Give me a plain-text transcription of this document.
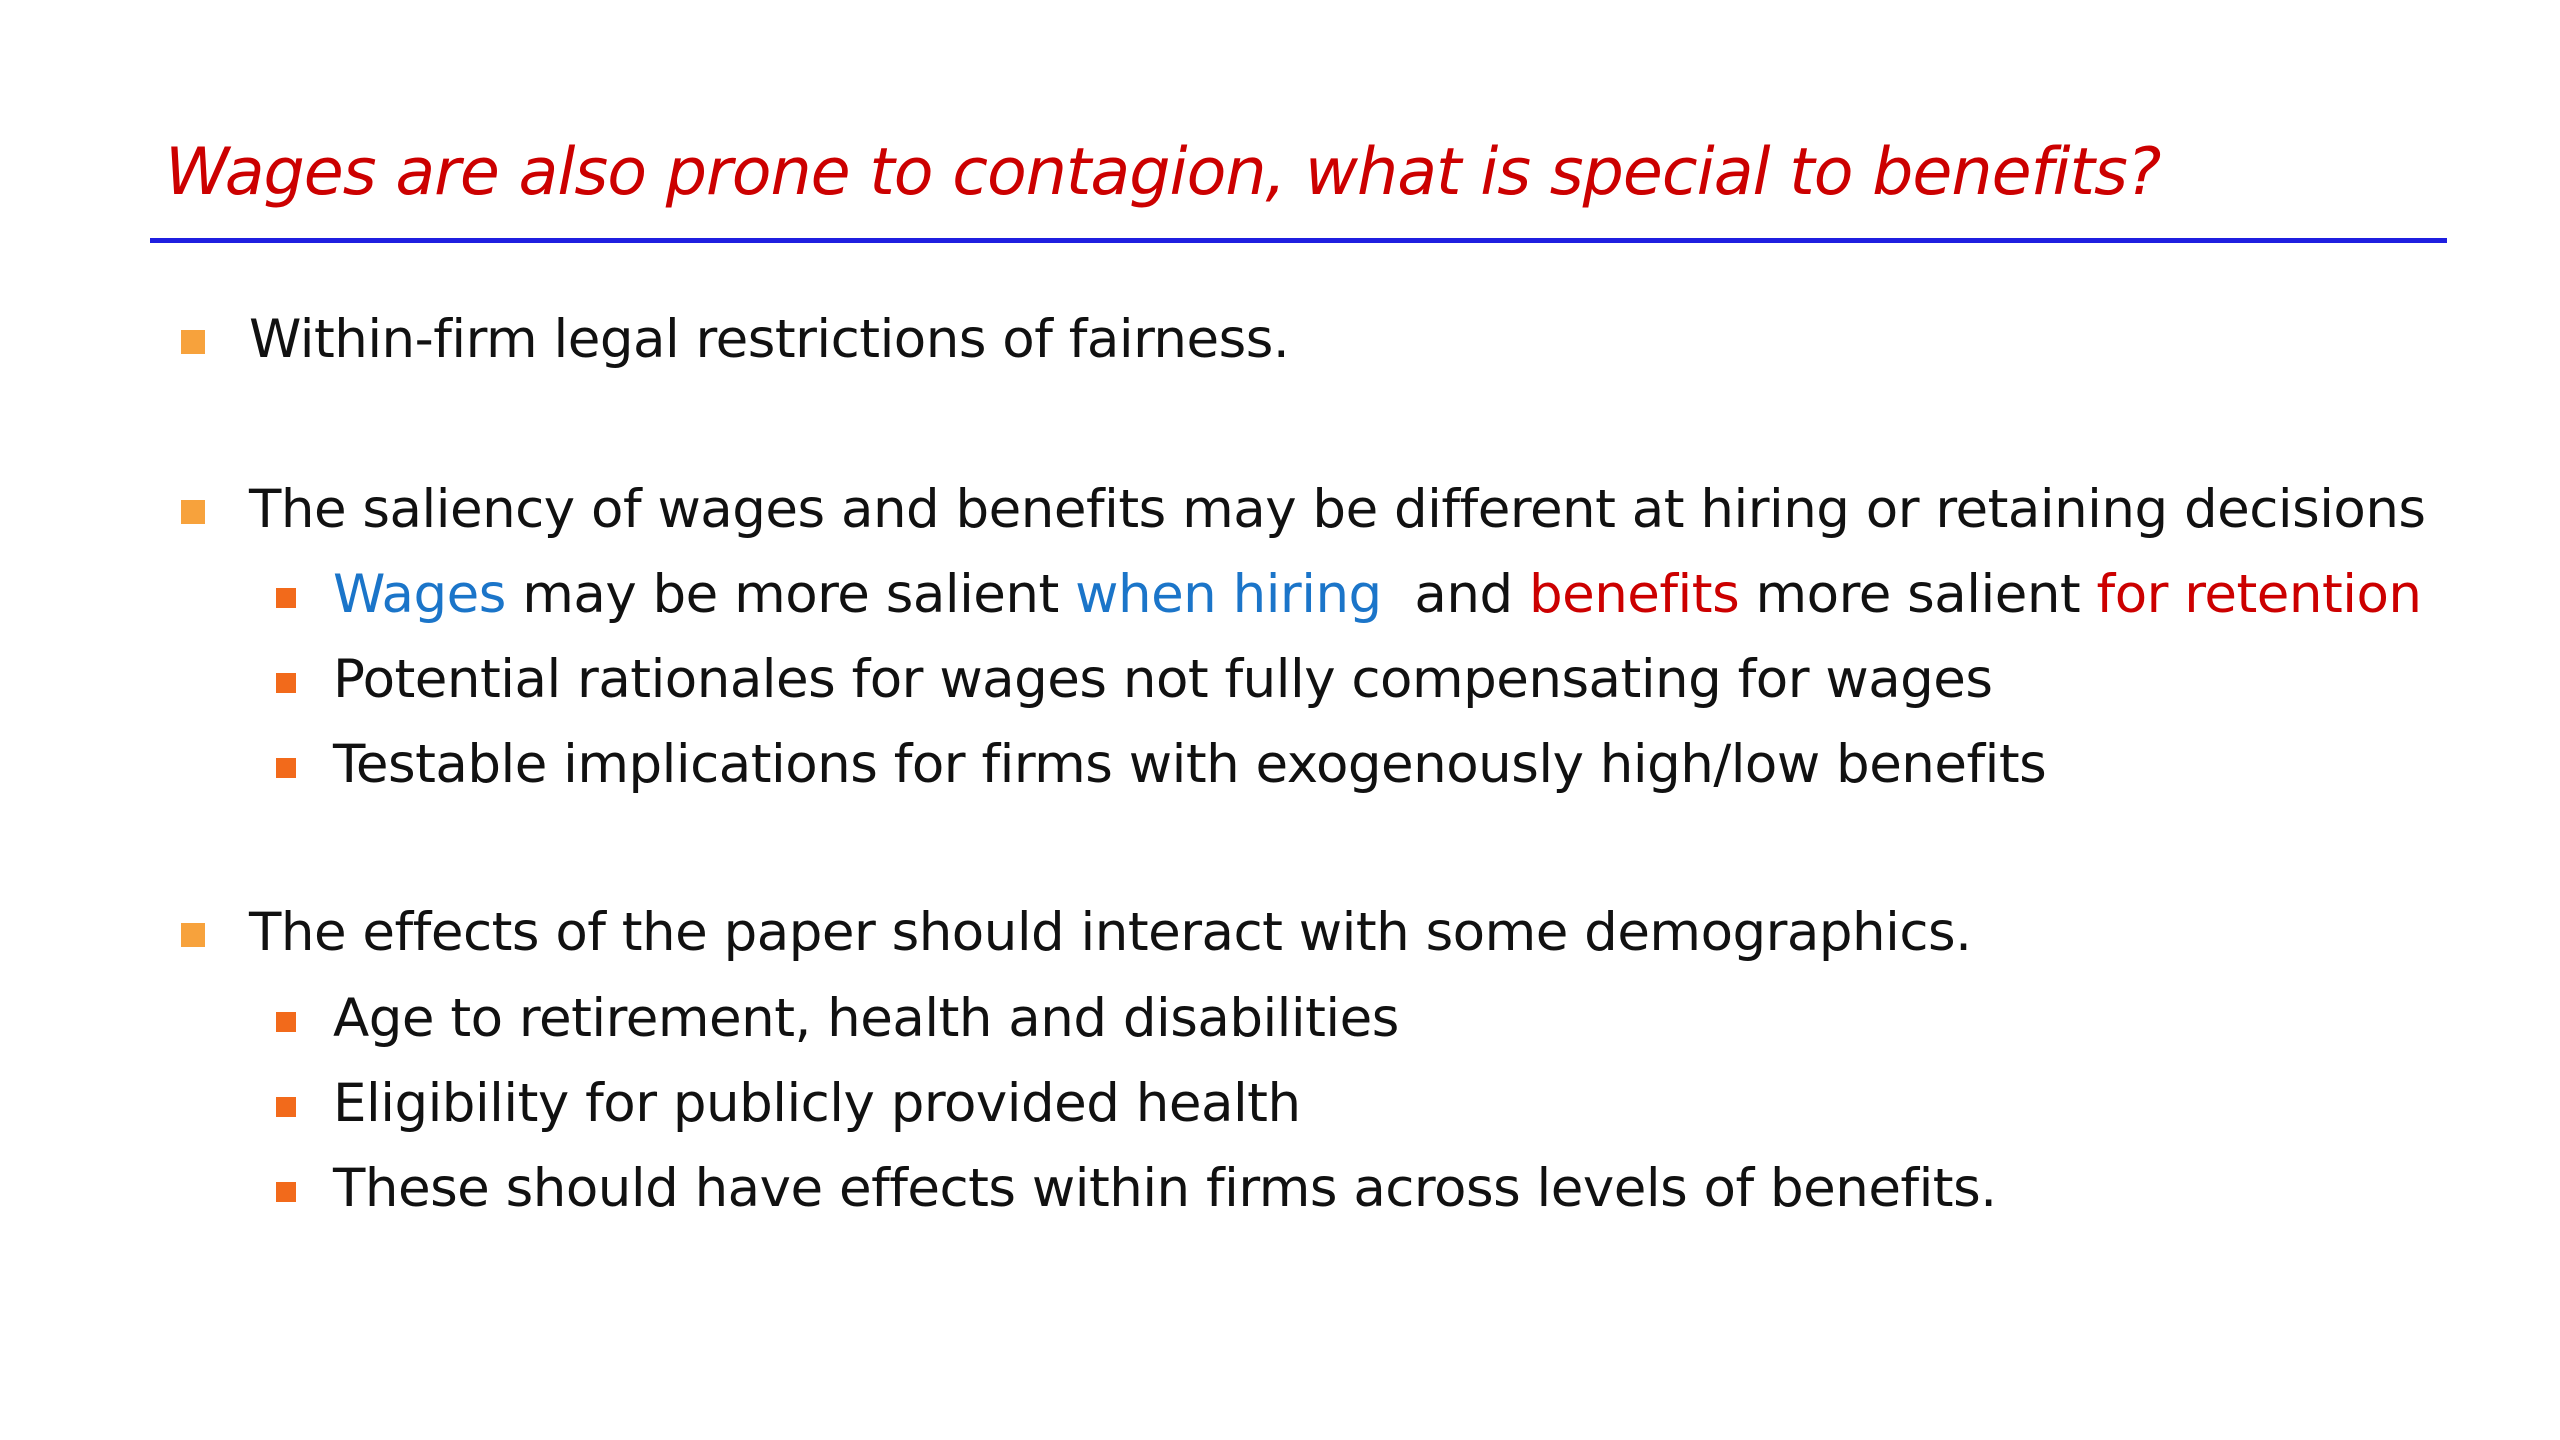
Wages are also prone to contagion, what is special to benefits?
Within-firm legal restrictions of fairness.
The saliency of wages and benefits may be different at hiring or retaining decisions
Wages may be more salient when hiring  and benefits more salient for retention
Potential rationales for wages not fully compensating for wages
Testable implications for firms with exogenously high/low benefits
The effects of the paper should interact with some demographics.
Age to retirement, health and disabilities
Eligibility for publicly provided health
These should have effects within firms across levels of benefits.
